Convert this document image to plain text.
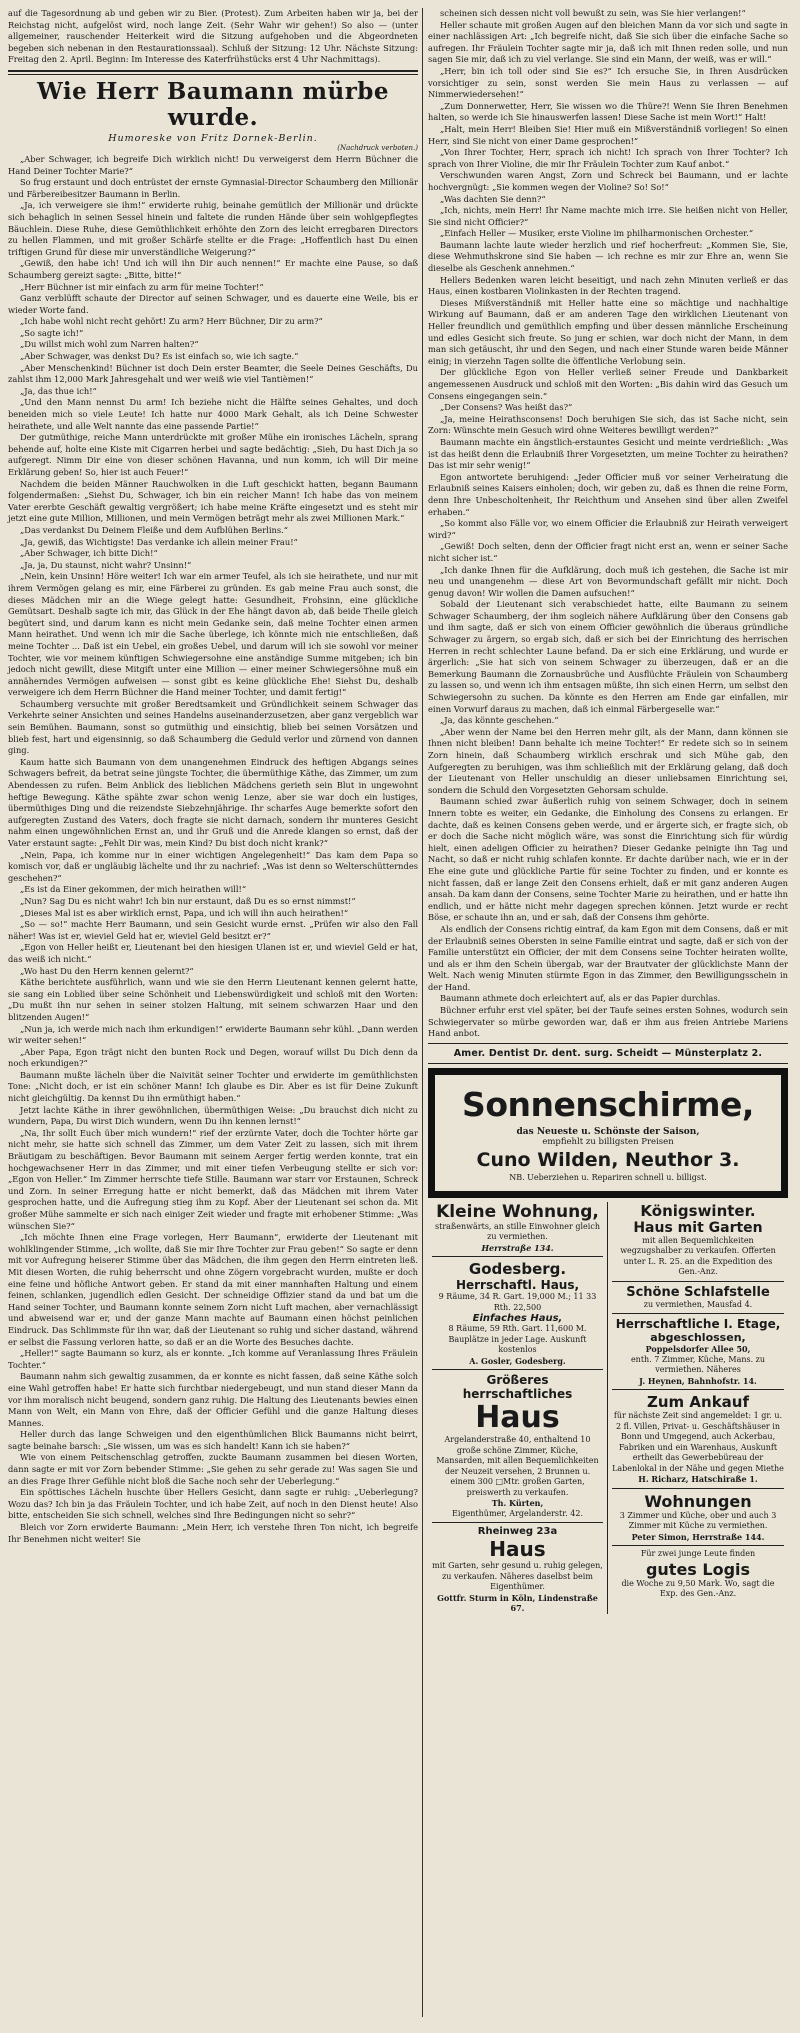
auf die Tagesordnung ab und geben wir zu Bier. (Protest). Zum Arbeiten haben wir ja, bei der Reichstag nicht, aufgelöst wird, noch lange Zeit. (Sehr Wahr wir gehen!) So also — (unter allgemeiner, rauschender Heiterkeit wird die Sitzung aufgehoben und die Abgeordneten begeben sich nebenan in den Restaurationssaal). Schluß der Sitzung: 12 Uhr. Nächste Sitzung: Freitag den 2. April. Beginn: Im Interesse des Katerfrühstücks erst 4 Uhr Nachmittags).

Wie Herr Baumann mürbe wurde.
Humoreske von Fritz Dornek-Berlin.
(Nachdruck verboten.)

„Aber Schwager, ich begreife Dich wirklich nicht! Du verweigerst dem Herrn Büchner die Hand Deiner Tochter Marie?“

So frug erstaunt und doch entrüstet der ernste Gymnasial-Director Schaumberg den Millionär und Färbereibesitzer Baumann in Berlin.

„Ja, ich verweigere sie ihm!“ erwiderte ruhig, beinahe gemütlich der Millionär und drückte sich behaglich in seinen Sessel hinein und faltete die runden Hände über sein wohlgepflegtes Bäuchlein. Diese Ruhe, diese Gemüthlichkeit erhöhte den Zorn des leicht erregbaren Directors zu hellen Flammen, und mit großer Schärfe stellte er die Frage: „Hoffentlich hast Du einen triftigen Grund für diese mir unverständliche Weigerung?“

„Gewiß, den habe ich! Und ich will ihn Dir auch nennen!“ Er machte eine Pause, so daß Schaumberg gereizt sagte: „Bitte, bitte!“

„Herr Büchner ist mir einfach zu arm für meine Tochter!“

Ganz verblüfft schaute der Director auf seinen Schwager, und es dauerte eine Weile, bis er wieder Worte fand.

„Ich habe wohl nicht recht gehört! Zu arm? Herr Büchner, Dir zu arm?“

„So sagte ich!“

„Du willst mich wohl zum Narren halten?“

„Aber Schwager, was denkst Du? Es ist einfach so, wie ich sagte.“

„Aber Menschenkind! Büchner ist doch Dein erster Beamter, die Seele Deines Geschäfts, Du zahlst ihm 12,000 Mark Jahresgehalt und wer weiß wie viel Tantièmen!“

„Ja, das thue ich!“

„Und den Mann nennst Du arm! Ich beziehe nicht die Hälfte seines Gehaltes, und doch beneiden mich so viele Leute! Ich hatte nur 4000 Mark Gehalt, als ich Deine Schwester heirathete, und alle Welt nannte das eine passende Partie!“

Der gutmüthige, reiche Mann unterdrückte mit großer Mühe ein ironisches Lächeln, sprang behende auf, holte eine Kiste mit Cigarren herbei und sagte bedächtig: „Sieh, Du hast Dich ja so aufgeregt. Nimm Dir eine von dieser schönen Havanna, und nun komm, ich will Dir meine Erklärung geben! So, hier ist auch Feuer!“

Nachdem die beiden Männer Rauchwolken in die Luft geschickt hatten, begann Baumann folgendermaßen: „Siehst Du, Schwager, ich bin ein reicher Mann! Ich habe das von meinem Vater ererbte Geschäft gewaltig vergrößert; ich habe meine Kräfte eingesetzt und es steht mir jetzt eine gute Million, Millionen, und mein Vermögen beträgt mehr als zwei Millionen Mark.“

„Das verdankst Du Deinem Fleiße und dem Aufblühen Berlins.“

„Ja, gewiß, das Wichtigste! Das verdanke ich allein meiner Frau!“

„Aber Schwager, ich bitte Dich!“

„Ja, ja, Du staunst, nicht wahr? Unsinn!“

„Nein, kein Unsinn! Höre weiter! Ich war ein armer Teufel, als ich sie heirathete, und nur mit ihrem Vermögen gelang es mir, eine Färberei zu gründen. Es gab meine Frau auch sonst, die dieses Mädchen mir an die Wiege gelegt hatte: Gesundheit, Frohsinn, eine glückliche Gemütsart. Deshalb sagte ich mir, das Glück in der Ehe hängt davon ab, daß beide Theile gleich begütert sind, und darum kann es nicht mein Gedanke sein, daß meine Tochter einen armen Mann heirathet. Und wenn ich mir die Sache überlege, ich könnte mich nie entschließen, daß meine Tochter ... Daß ist ein Uebel, ein großes Uebel, und darum will ich sie sowohl vor meiner Tochter, wie vor meinem künftigen Schwiegersohne eine anständige Summe mitgeben; ich bin jedoch nicht gewillt, diese Mitgift unter eine Million — einer meiner Schwiegersöhne muß ein annäherndes Vermögen aufweisen — sonst gibt es keine glückliche Ehe! Siehst Du, deshalb verweigere ich dem Herrn Büchner die Hand meiner Tochter, und damit fertig!“

Schaumberg versuchte mit großer Beredtsamkeit und Gründlichkeit seinem Schwager das Verkehrte seiner Ansichten und seines Handelns auseinanderzusetzen, aber ganz vergeblich war sein Bemühen. Baumann, sonst so gutmüthig und einsichtig, blieb bei seinen Vorsätzen und blieb fest, hart und eigensinnig, so daß Schaumberg die Geduld verlor und zürnend von dannen ging.

Kaum hatte sich Baumann von dem unangenehmen Eindruck des heftigen Abgangs seines Schwagers befreit, da betrat seine jüngste Tochter, die übermüthige Käthe, das Zimmer, um zum Abendessen zu rufen. Beim Anblick des lieblichen Mädchens gerieth sein Blut in ungewohnt heftige Bewegung. Käthe spähte zwar schon wenig Lenze, aber sie war doch ein lustiges, übermüthiges Ding und die reizendste Siebzehnjährige. Ihr scharfes Auge bemerkte sofort den aufgeregten Zustand des Vaters, doch fragte sie nicht darnach, sondern ihr munteres Gesicht nahm einen ungewöhnlichen Ernst an, und ihr Gruß und die Anrede klangen so ernst, daß der Vater erstaunt sagte: „Fehlt Dir was, mein Kind? Du bist doch nicht krank?“

„Nein, Papa, ich komme nur in einer wichtigen Angelegenheit!“ Das kam dem Papa so komisch vor, daß er ungläubig lächelte und ihr zu nachrief: „Was ist denn so Welterschütterndes geschehen?“

„Es ist da Einer gekommen, der mich heirathen will!“

„Nun? Sag Du es nicht wahr! Ich bin nur erstaunt, daß Du es so ernst nimmst!“

„Dieses Mal ist es aber wirklich ernst, Papa, und ich will ihn auch heirathen!“

„So — so!“ machte Herr Baumann, und sein Gesicht wurde ernst. „Prüfen wir also den Fall näher! Was ist er, wieviel Geld hat er, wieviel Geld besitzt er?“

„Egon von Heller heißt er, Lieutenant bei den hiesigen Ulanen ist er, und wieviel Geld er hat, das weiß ich nicht.“

„Wo hast Du den Herrn kennen gelernt?“

Käthe berichtete ausführlich, wann und wie sie den Herrn Lieutenant kennen gelernt hatte, sie sang ein Loblied über seine Schönheit und Liebenswürdigkeit und schloß mit den Worten: „Du mußt ihn nur sehen in seiner stolzen Haltung, mit seinem schwarzen Haar und den blitzenden Augen!“

„Nun ja, ich werde mich nach ihm erkundigen!“ erwiderte Baumann sehr kühl. „Dann werden wir weiter sehen!“

„Aber Papa, Egon trägt nicht den bunten Rock und Degen, worauf willst Du Dich denn da noch erkundigen?“

Baumann mußte lächeln über die Naivität seiner Tochter und erwiderte im gemüthlichsten Tone: „Nicht doch, er ist ein schöner Mann! Ich glaube es Dir. Aber es ist für Deine Zukunft nicht gleichgültig. Da kennst Du ihn ermüthigt haben.“

Jetzt lachte Käthe in ihrer gewöhnlichen, übermüthigen Weise: „Du brauchst dich nicht zu wundern, Papa, Du wirst Dich wundern, wenn Du ihn kennen lernst!“

„Na, Ihr sollt Euch über mich wundern!“ rief der erzürnte Vater, doch die Tochter hörte gar nicht mehr, sie hatte sich schnell das Zimmer, um dem Vater Zeit zu lassen, sich mit ihrem Bräutigam zu beschäftigen. Bevor Baumann mit seinem Aerger fertig werden konnte, trat ein hochgewachsener Herr in das Zimmer, und mit einer tiefen Verbeugung stellte er sich vor: „Egon von Heller.“ Im Zimmer herrschte tiefe Stille. Baumann war starr vor Erstaunen, Schreck und Zorn. In seiner Erregung hatte er nicht bemerkt, daß das Mädchen mit ihrem Vater gesprochen hatte, und die Aufregung stieg ihm zu Kopf. Aber der Lieutenant sei schon da. Mit großer Mühe sammelte er sich nach einiger Zeit wieder und fragte mit erhobener Stimme: „Was wünschen Sie?“

„Ich möchte Ihnen eine Frage vorlegen, Herr Baumann“, erwiderte der Lieutenant mit wohlklingender Stimme, „ich wollte, daß Sie mir Ihre Tochter zur Frau geben!“ So sagte er denn mit vor Aufregung heiserer Stimme über das Mädchen, die ihm gegen den Herrn eintreten ließ. Mit diesen Worten, die ruhig beherrscht und ohne Zögern vorgebracht wurden, mußte er doch eine feine und höfliche Antwort geben. Er stand da mit einer mannhaften Haltung und einem feinen, schlanken, jugendlich edlen Gesicht. Der schneidige Offizier stand da und bat um die Hand seiner Tochter, und Baumann konnte seinem Zorn nicht Luft machen, aber vernachlässigt und abweisend war er, und der ganze Mann machte auf Baumann einen höchst peinlichen Eindruck. Das Schlimmste für ihn war, daß der Lieutenant so ruhig und sicher dastand, während er selbst die Fassung verloren hatte, so daß er an die Worte des Besuches dachte.

„Heller!“ sagte Baumann so kurz, als er konnte. „Ich komme auf Veranlassung Ihres Fräulein Tochter.“

Baumann nahm sich gewaltig zusammen, da er konnte es nicht fassen, daß seine Käthe solch eine Wahl getroffen habe! Er hatte sich furchtbar niedergebeugt, und nun stand dieser Mann da vor ihm moralisch nicht beugend, sondern ganz ruhig. Die Haltung des Lieutenants bewies einen Mann von Welt, ein Mann von Ehre, daß der Officier Gefühl und die ganze Haltung dieses Mannes.

Heller durch das lange Schweigen und den eigenthümlichen Blick Baumanns nicht beirrt, sagte beinahe barsch: „Sie wissen, um was es sich handelt! Kann ich sie haben?“

Wie von einem Peitschenschlag getroffen, zuckte Baumann zusammen bei diesen Worten, dann sagte er mit vor Zorn bebender Stimme: „Sie gehen zu sehr gerade zu! Was sagen Sie und an dies Frage Ihrer Gefühle nicht bloß die Sache noch sehr der Ueberlegung.“

Ein spöttisches Lächeln huschte über Hellers Gesicht, dann sagte er ruhig: „Ueberlegung? Wozu das? Ich bin ja das Fräulein Tochter, und ich habe Zeit, auf noch in den Dienst heute! Also bitte, entscheiden Sie sich schnell, welches sind Ihre Bedingungen nicht so sehr?“

Bleich vor Zorn erwiderte Baumann: „Mein Herr, ich verstehe Ihren Ton nicht, ich begreife Ihr Benehmen nicht weiter! Sie

scheinen sich dessen nicht voll bewußt zu sein, was Sie hier verlangen!“

Heller schaute mit großen Augen auf den bleichen Mann da vor sich und sagte in einer nachlässigen Art: „Ich begreife nicht, daß Sie sich über die einfache Sache so aufregen. Ihr Fräulein Tochter sagte mir ja, daß ich mit Ihnen reden solle, und nun sagen Sie mir, daß ich zu viel verlange. Sie sind ein Mann, der weiß, was er will.“

„Herr, bin ich toll oder sind Sie es?“ Ich ersuche Sie, in Ihren Ausdrücken vorsichtiger zu sein, sonst werden Sie mein Haus zu verlassen — auf Nimmerwiedersehen!“

„Zum Donnerwetter, Herr, Sie wissen wo die Thüre?! Wenn Sie Ihren Benehmen halten, so werde ich Sie hinauswerfen lassen! Diese Sache ist mein Wort!“ Halt!

„Halt, mein Herr! Bleiben Sie! Hier muß ein Mißverständniß vorliegen! So einen Herr, sind Sie nicht von einer Dame gesprochen!“

„Von Ihrer Tochter, Herr, sprach ich nicht! Ich sprach von Ihrer Tochter? Ich sprach von Ihrer Violine, die mir Ihr Fräulein Tochter zum Kauf anbot.“

Verschwunden waren Angst, Zorn und Schreck bei Baumann, und er lachte hochvergnügt: „Sie kommen wegen der Violine? So! So!“

„Was dachten Sie denn?“

„Ich, nichts, mein Herr! Ihr Name machte mich irre. Sie heißen nicht von Heller, Sie sind nicht Officier?“

„Einfach Heller — Musiker, erste Violine im philharmonischen Orchester.“

Baumann lachte laute wieder herzlich und rief hocherfreut: „Kommen Sie, Sie, diese Wehmuthskrone sind Sie haben — ich rechne es mir zur Ehre an, wenn Sie dieselbe als Geschenk annehmen.“

Hellers Bedenken waren leicht beseitigt, und nach zehn Minuten verließ er das Haus, einen kostbaren Violinkasten in der Rechten tragend.

Dieses Mißverständniß mit Heller hatte eine so mächtige und nachhaltige Wirkung auf Baumann, daß er am anderen Tage den wirklichen Lieutenant von Heller freundlich und gemüthlich empfing und über dessen männliche Erscheinung und edles Gesicht sich freute. So jung er schien, war doch nicht der Mann, in dem man sich getäuscht, ihr und den Segen, und nach einer Stunde waren beide Männer einig; in vierzehn Tagen sollte die öffentliche Verlobung sein.

Der glückliche Egon von Heller verließ seiner Freude und Dankbarkeit angemessenen Ausdruck und schloß mit den Worten: „Bis dahin wird das Gesuch um Consens eingegangen sein.“

„Der Consens? Was heißt das?“

„Ja, meine Heirathsconsens! Doch beruhigen Sie sich, das ist Sache nicht, sein Zorn: Wünschte mein Gesuch wird ohne Weiteres bewilligt werden?“

Baumann machte ein ängstlich-erstauntes Gesicht und meinte verdrießlich: „Was ist das heißt denn die Erlaubniß Ihrer Vorgesetzten, um meine Tochter zu heirathen? Das ist mir sehr wenig!“

Egon antwortete beruhigend: „Jeder Officier muß vor seiner Verheiratung die Erlaubniß seines Kaisers einholen; doch, wir geben zu, daß es Ihnen die reine Form, denn Ihre Unbescholtenheit, Ihr Reichthum und Ansehen sind über allen Zweifel erhaben.“

„So kommt also Fälle vor, wo einem Officier die Erlaubniß zur Heirath verweigert wird?“

„Gewiß! Doch selten, denn der Officier fragt nicht erst an, wenn er seiner Sache nicht sicher ist.“

„Ich danke Ihnen für die Aufklärung, doch muß ich gestehen, die Sache ist mir neu und unangenehm — diese Art von Bevormundschaft gefällt mir nicht. Doch genug davon! Wir wollen die Damen aufsuchen!“

Sobald der Lieutenant sich verabschiedet hatte, eilte Baumann zu seinem Schwager Schaumberg, der ihm sogleich nähere Aufklärung über den Consens gab und ihm sagte, daß er sich von einem Officier gewöhnlich die überaus gründliche Schwager zu ärgern, so ergab sich, daß er sich bei der Einrichtung des herrischen Herren in recht schlechter Laune befand. Da er sich eine Erklärung, und wurde er ärgerlich: „Sie hat sich von seinem Schwager zu überzeugen, daß er an die Bemerkung Baumann die Zornausbrüche und Ausflüchte Fräulein von Schaumberg zu lassen so, und wenn ich ihm entsagen müßte, ihn sich einen Herrn, um selbst den Schwiegersohn zu suchen. Da könnte es den Herren am Ende gar einfallen, mir einen Vorwurf daraus zu machen, daß ich einmal Färbergeselle war.“

„Ja, das könnte geschehen.“

„Aber wenn der Name bei den Herren mehr gilt, als der Mann, dann können sie Ihnen nicht bleiben! Dann behalte ich meine Tochter!“ Er redete sich so in seinem Zorn hinein, daß Schaumberg wirklich erschrak und sich Mühe gab, den Aufgeregten zu beruhigen, was ihm schließlich mit der Erklärung gelang, daß doch der Lieutenant von Heller unschuldig an dieser unliebsamen Einrichtung sei, sondern die Schuld den Vorgesetzten Gehorsam schulde.

Baumann schied zwar äußerlich ruhig von seinem Schwager, doch in seinem Innern tobte es weiter, ein Gedanke, die Einholung des Consens zu erlangen. Er dachte, daß es keinen Consens geben werde, und er ärgerte sich, er fragte sich, ob er doch die Sache nicht möglich wäre, was sonst die Einrichtung sich für würdig hielt, einen adeligen Officier zu heirathen? Dieser Gedanke peinigte ihn Tag und Nacht, so daß er nicht ruhig schlafen konnte. Er dachte darüber nach, wie er in der Ehe eine gute und glückliche Partie für seine Tochter zu finden, und er konnte es nicht fassen, daß er lange Zeit den Consens erhielt, daß er mit ganz anderen Augen ansah. Da kam dann der Consens, seine Tochter Marie zu heirathen, und er hatte ihn endlich, und er hätte nicht mehr dagegen sprechen können. Jetzt wurde er recht Böse, er schaute ihn an, und er sah, daß der Consens ihm gehörte.

Als endlich der Consens richtig eintraf, da kam Egon mit dem Consens, daß er mit der Erlaubniß seines Obersten in seine Familie eintrat und sagte, daß er sich von der Familie unterstützt ein Officier, der mit dem Consens seine Tochter heiraten wollte, und als er ihm den Schein übergab, war der Brautvater der glücklichste Mann der Welt. Nach wenig Minuten stürmte Egon in das Zimmer, den Bewilligungsschein in der Hand.

Baumann athmete doch erleichtert auf, als er das Papier durchlas.

Büchner erfuhr erst viel später, bei der Taufe seines ersten Sohnes, wodurch sein Schwiegervater so mürbe geworden war, daß er ihm aus freien Antriebe Mariens Hand anbot.

Amer. Dentist Dr. dent. surg. Scheidt — Münsterplatz 2.
Sonnenschirme,
das Neueste u. Schönste der Saison,
empfiehlt zu billigsten Preisen
Cuno Wilden, Neuthor 3.
NB. Ueberziehen u. Repariren schnell u. billigst.
Kleine Wohnung,
straßenwärts, an stille Einwohner gleich zu vermiethen.
Herrstraße 134.
Godesberg.
Herrschaftl. Haus,
9 Räume, 34 R. Gart. 19,000 M.; 11 33 Rth. 22,500
Einfaches Haus,
8 Räume, 59 Rth. Gart. 11,600 M. Bauplätze in jeder Lage. Auskunft kostenlos
A. Gosler, Godesberg.
Größeres herrschaftliches
Haus
Argelanderstraße 40, enthaltend 10 große schöne Zimmer, Küche, Mansarden, mit allen Bequemlichkeiten der Neuzeit versehen, 2 Brunnen u. einem 300 □Mtr. großen Garten, preiswerth zu verkaufen.
Th. Kürten,
Eigenthümer, Argelanderstr. 42.
Rheinweg 23a
Haus
mit Garten, sehr gesund u. ruhig gelegen, zu verkaufen. Näheres daselbst beim Eigenthümer.
Gottfr. Sturm in Köln, Lindenstraße 67.
Königswinter.
Haus mit Garten
mit allen Bequemlichkeiten wegzugshalber zu verkaufen. Offerten unter L. R. 25. an die Expedition des Gen.-Anz.
Schöne Schlafstelle
zu vermiethen, Mausfad 4.
Herrschaftliche I. Etage,
abgeschlossen,
Poppelsdorfer Allee 50,
enth. 7 Zimmer, Küche, Mans. zu vermiethen. Näheres
J. Heynen, Bahnhofstr. 14.
Zum Ankauf
für nächste Zeit sind angemeldet: 1 gr. u. 2 fl. Villen, Privat- u. Geschäftshäuser in Bonn und Umgegend, auch Ackerbau, Fabriken und ein Warenhaus, Auskunft ertheilt das Gewerbebüreau der Labenlokal in der Nähe und gegen Miethe
H. Richarz, Hatschiraße 1.
Wohnungen
3 Zimmer und Küche, ober und auch 3 Zimmer mit Küche zu vermiethen.
Peter Simon, Herrstraße 144.
Für zwei junge Leute finden
gutes Logis
die Woche zu 9,50 Mark. Wo, sagt die Exp. des Gen.-Anz.
